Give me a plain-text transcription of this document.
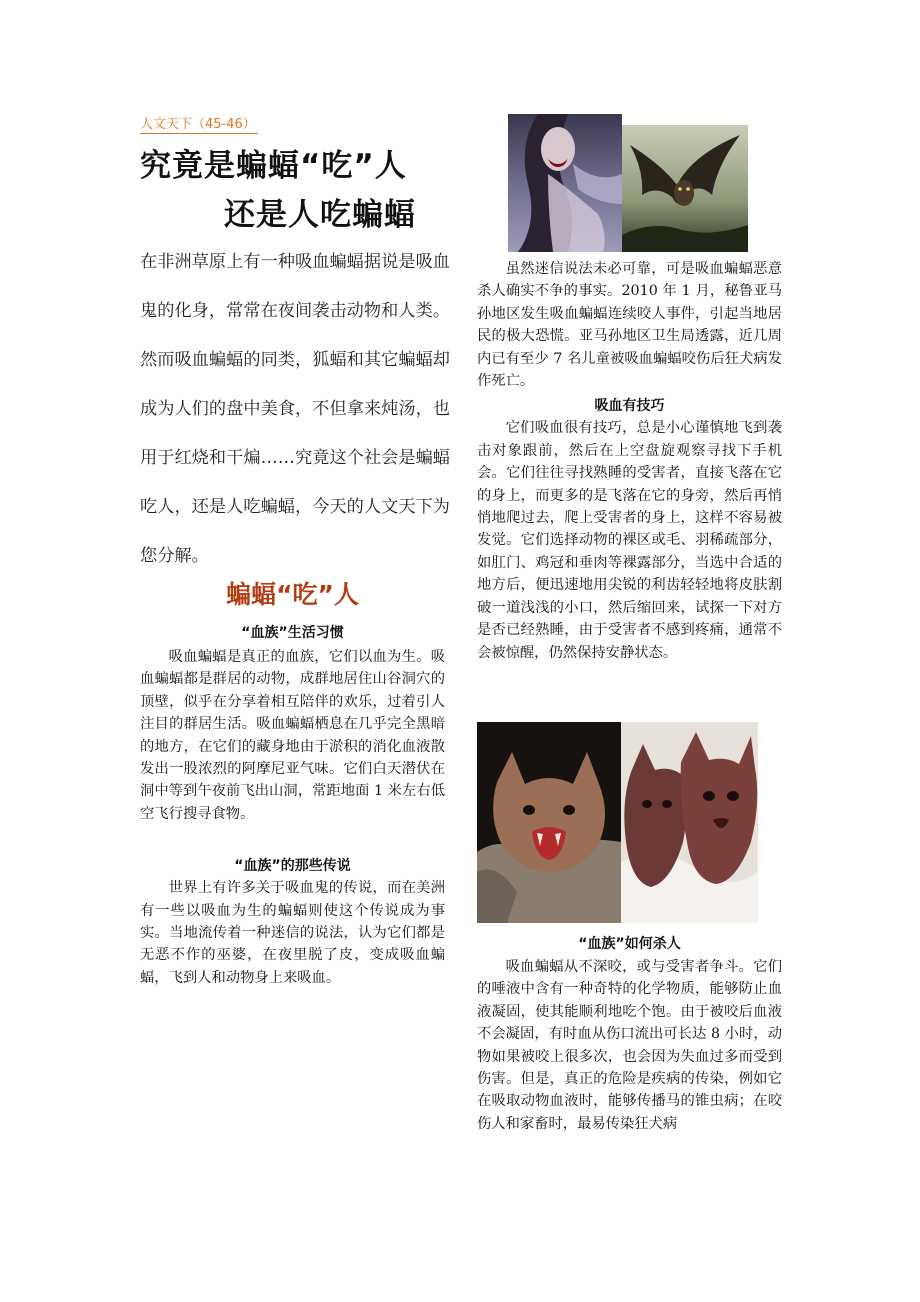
人文天下（45-46）
究竟是蝙蝠“吃”人
还是人吃蝙蝠

在非洲草原上有一种吸血蝙蝠据说是吸血鬼的化身，常常在夜间袭击动物和人类。然而吸血蝙蝠的同类，狐蝠和其它蝙蝠却成为人们的盘中美食，不但拿来炖汤，也用于红烧和干煸……究竟这个社会是蝙蝠吃人，还是人吃蝙蝠，今天的人文天下为您分解。

蝙蝠“吃”人
“血族”生活习惯

吸血蝙蝠是真正的血族，它们以血为生。吸血蝙蝠都是群居的动物，成群地居住山谷洞穴的顶壁，似乎在分享着相互陪伴的欢乐，过着引人注目的群居生活。吸血蝙蝠栖息在几乎完全黑暗的地方，在它们的藏身地由于淤积的消化血液散发出一股浓烈的阿摩尼亚气味。它们白天潜伏在洞中等到午夜前飞出山洞，常距地面 1 米左右低空飞行搜寻食物。

“血族”的那些传说

世界上有许多关于吸血鬼的传说，而在美洲有一些以吸血为生的蝙蝠则使这个传说成为事实。当地流传着一种迷信的说法，认为它们都是无恶不作的巫婆，在夜里脱了皮，变成吸血蝙蝠，飞到人和动物身上来吸血。

虽然迷信说法未必可靠，可是吸血蝙蝠恶意杀人确实不争的事实。2010 年 1 月，秘鲁亚马孙地区发生吸血蝙蝠连续咬人事件，引起当地居民的极大恐慌。亚马孙地区卫生局透露，近几周内已有至少 7 名儿童被吸血蝙蝠咬伤后狂犬病发作死亡。

吸血有技巧

它们吸血很有技巧，总是小心谨慎地飞到袭击对象跟前，然后在上空盘旋观察寻找下手机会。它们往往寻找熟睡的受害者，直接飞落在它的身上，而更多的是飞落在它的身旁，然后再悄悄地爬过去，爬上受害者的身上，这样不容易被发觉。它们选择动物的裸区或毛、羽稀疏部分，如肛门、鸡冠和垂肉等裸露部分，当选中合适的地方后，便迅速地用尖锐的利齿轻轻地将皮肤割破一道浅浅的小口，然后缩回来，试探一下对方是否已经熟睡，由于受害者不感到疼痛，通常不会被惊醒，仍然保持安静状态。

“血族”如何杀人

吸血蝙蝠从不深咬，或与受害者争斗。它们的唾液中含有一种奇特的化学物质，能够防止血液凝固，使其能顺利地吃个饱。由于被咬后血液不会凝固，有时血从伤口流出可长达 8 小时，动物如果被咬上很多次，也会因为失血过多而受到伤害。但是，真正的危险是疾病的传染，例如它在吸取动物血液时，能够传播马的锥虫病；在咬伤人和家畜时，最易传染狂犬病
